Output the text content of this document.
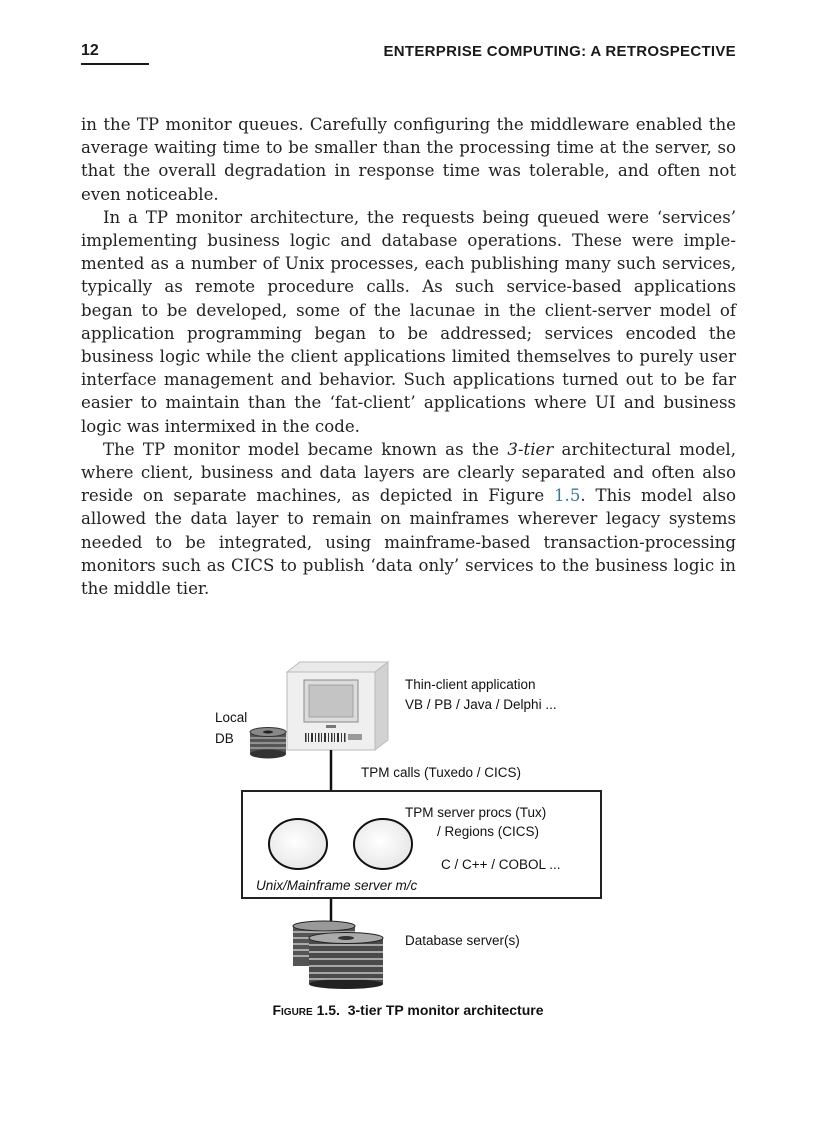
12	ENTERPRISE COMPUTING: A RETROSPECTIVE

in the TP monitor queues. Carefully configuring the middleware enabled the average waiting time to be smaller than the processing time at the server, so that the overall degradation in response time was tolerable, and often not even noticeable.

In a TP monitor architecture, the requests being queued were ‘services’ implementing business logic and database operations. These were implemented as a number of Unix processes, each publishing many such services, typically as remote procedure calls. As such service-based applications began to be developed, some of the lacunae in the client-server model of application programming began to be addressed; services encoded the business logic while the client applications limited themselves to purely user interface management and behavior. Such applications turned out to be far easier to maintain than the ‘fat-client’ applications where UI and business logic was intermixed in the code.

The TP monitor model became known as the 3-tier architectural model, where client, business and data layers are clearly separated and often also reside on separate machines, as depicted in Figure 1.5. This model also allowed the data layer to remain on mainframes wherever legacy systems needed to be integrated, using mainframe-based transaction-processing monitors such as CICS to publish ‘data only’ services to the business logic in the middle tier.

Thin-client application
VB / PB / Java / Delphi ...
Local
DB
TPM calls (Tuxedo / CICS)
TPM server procs (Tux)
/ Regions (CICS)
C / C++ / COBOL ...
Unix/Mainframe server m/c
Database server(s)
Figure 1.5. 3-tier TP monitor architecture
